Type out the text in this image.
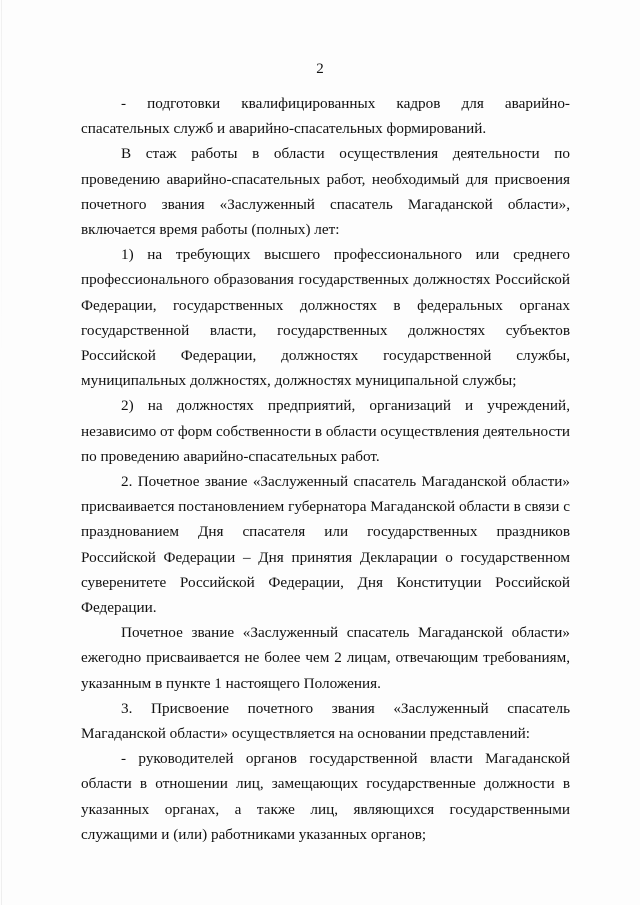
2

- подготовки квалифицированных кадров для аварийно-спасательных служб и аварийно-спасательных формирований.

В стаж работы в области осуществления деятельности по проведению аварийно-спасательных работ, необходимый для присвоения почетного звания «Заслуженный спасатель Магаданской области», включается время работы (полных) лет:

1) на требующих высшего профессионального или среднего профессионального образования государственных должностях Российской Федерации, государственных должностях в федеральных органах государственной власти, государственных должностях субъектов Российской Федерации, должностях государственной службы, муниципальных должностях, должностях муниципальной службы;

2) на должностях предприятий, организаций и учреждений, независимо от форм собственности в области осуществления деятельности по проведению аварийно-спасательных работ.

2. Почетное звание «Заслуженный спасатель Магаданской области» присваивается постановлением губернатора Магаданской области в связи с празднованием Дня спасателя или государственных праздников Российской Федерации – Дня принятия Декларации о государственном суверенитете Российской Федерации, Дня Конституции Российской Федерации.

Почетное звание «Заслуженный спасатель Магаданской области» ежегодно присваивается не более чем 2 лицам, отвечающим требованиям, указанным в пункте 1 настоящего Положения.

3. Присвоение почетного звания «Заслуженный спасатель Магаданской области» осуществляется на основании представлений:

- руководителей органов государственной власти Магаданской области в отношении лиц, замещающих государственные должности в указанных органах, а также лиц, являющихся государственными служащими и (или) работниками указанных органов;
